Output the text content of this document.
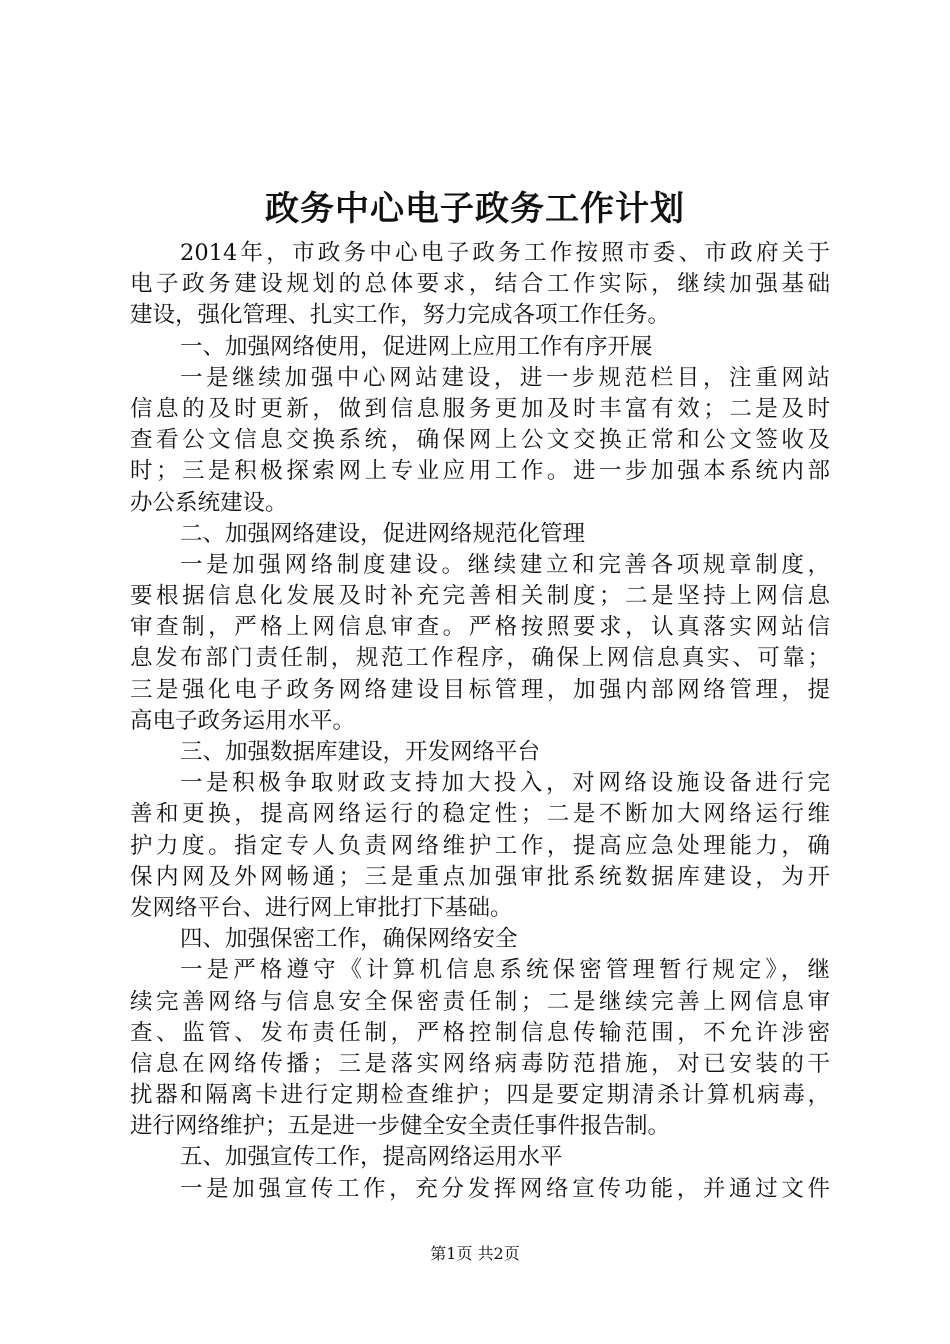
政务中心电子政务工作计划
2014年，市政务中心电子政务工作按照市委、市政府关于
电子政务建设规划的总体要求，结合工作实际，继续加强基础
建设，强化管理、扎实工作，努力完成各项工作任务。
一、加强网络使用，促进网上应用工作有序开展
一是继续加强中心网站建设，进一步规范栏目，注重网站
信息的及时更新，做到信息服务更加及时丰富有效；二是及时
查看公文信息交换系统，确保网上公文交换正常和公文签收及
时；三是积极探索网上专业应用工作。进一步加强本系统内部
办公系统建设。
二、加强网络建设，促进网络规范化管理
一是加强网络制度建设。继续建立和完善各项规章制度，
要根据信息化发展及时补充完善相关制度；二是坚持上网信息
审查制，严格上网信息审查。严格按照要求，认真落实网站信
息发布部门责任制，规范工作程序，确保上网信息真实、可靠；
三是强化电子政务网络建设目标管理，加强内部网络管理，提
高电子政务运用水平。
三、加强数据库建设，开发网络平台
一是积极争取财政支持加大投入，对网络设施设备进行完
善和更换，提高网络运行的稳定性；二是不断加大网络运行维
护力度。指定专人负责网络维护工作，提高应急处理能力，确
保内网及外网畅通；三是重点加强审批系统数据库建设，为开
发网络平台、进行网上审批打下基础。
四、加强保密工作，确保网络安全
一是严格遵守《计算机信息系统保密管理暂行规定》，继
续完善网络与信息安全保密责任制；二是继续完善上网信息审
查、监管、发布责任制，严格控制信息传输范围，不允许涉密
信息在网络传播；三是落实网络病毒防范措施，对已安装的干
扰器和隔离卡进行定期检查维护；四是要定期清杀计算机病毒，
进行网络维护；五是进一步健全安全责任事件报告制。
五、加强宣传工作，提高网络运用水平
一是加强宣传工作，充分发挥网络宣传功能，并通过文件
第1页 共2页
